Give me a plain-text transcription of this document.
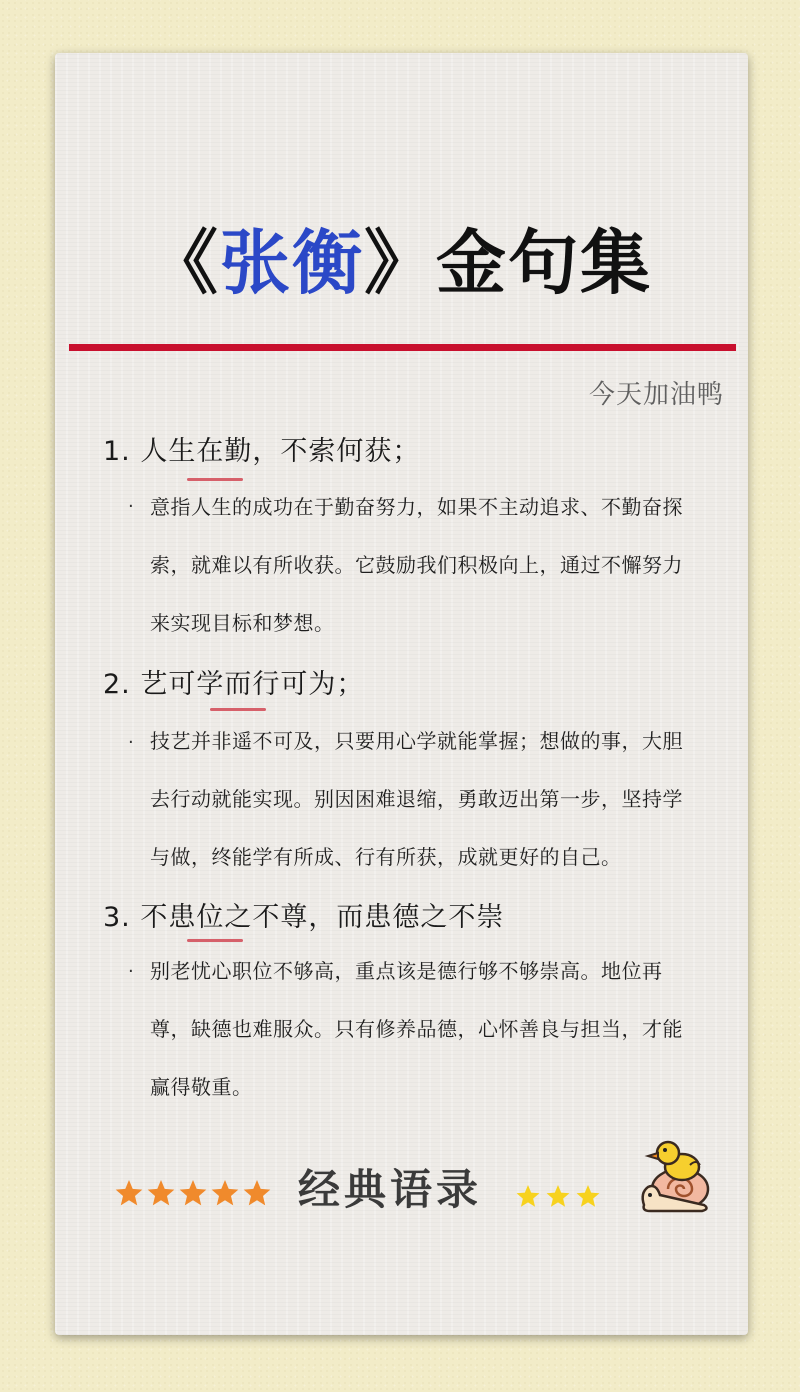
《张衡》金句集
今天加油鸭
1. 人生在勤，不索何获；
· 意指人生的成功在于勤奋努力，如果不主动追求、不勤奋探索，就难以有所收获。它鼓励我们积极向上，通过不懈努力来实现目标和梦想。
2. 艺可学而行可为；
· 技艺并非遥不可及，只要用心学就能掌握；想做的事，大胆去行动就能实现。别因困难退缩，勇敢迈出第一步，坚持学与做，终能学有所成、行有所获，成就更好的自己。
3. 不患位之不尊，而患德之不崇
· 别老忧心职位不够高，重点该是德行够不够崇高。地位再尊，缺德也难服众。只有修养品德，心怀善良与担当，才能赢得敬重。
经典语录
